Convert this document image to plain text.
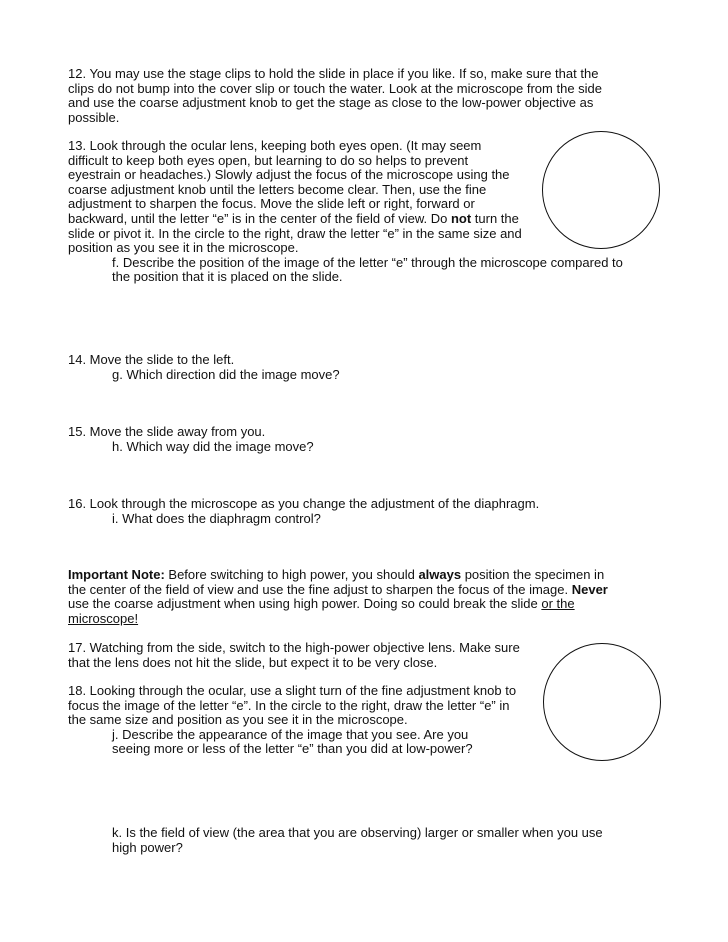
12. You may use the stage clips to hold the slide in place if you like. If so, make sure that the
clips do not bump into the cover slip or touch the water. Look at the microscope from the side
and use the coarse adjustment knob to get the stage as close to the low-power objective as
possible.
13. Look through the ocular lens, keeping both eyes open. (It may seem
difficult to keep both eyes open, but learning to do so helps to prevent
eyestrain or headaches.) Slowly adjust the focus of the microscope using the
coarse adjustment knob until the letters become clear. Then, use the fine
adjustment to sharpen the focus. Move the slide left or right, forward or
backward, until the letter “e” is in the center of the field of view. Do not turn the
slide or pivot it. In the circle to the right, draw the letter “e” in the same size and
position as you see it in the microscope.
f. Describe the position of the image of the letter “e” through the microscope compared to
the position that it is placed on the slide.
14. Move the slide to the left.
g. Which direction did the image move?
15. Move the slide away from you.
h. Which way did the image move?
16. Look through the microscope as you change the adjustment of the diaphragm.
i. What does the diaphragm control?
Important Note: Before switching to high power, you should always position the specimen in
the center of the field of view and use the fine adjust to sharpen the focus of the image. Never
use the coarse adjustment when using high power. Doing so could break the slide or the
microscope!
17. Watching from the side, switch to the high-power objective lens. Make sure
that the lens does not hit the slide, but expect it to be very close.
18. Looking through the ocular, use a slight turn of the fine adjustment knob to
focus the image of the letter “e”. In the circle to the right, draw the letter “e” in
the same size and position as you see it in the microscope.
j. Describe the appearance of the image that you see. Are you
seeing more or less of the letter “e” than you did at low-power?
k. Is the field of view (the area that you are observing) larger or smaller when you use
high power?
